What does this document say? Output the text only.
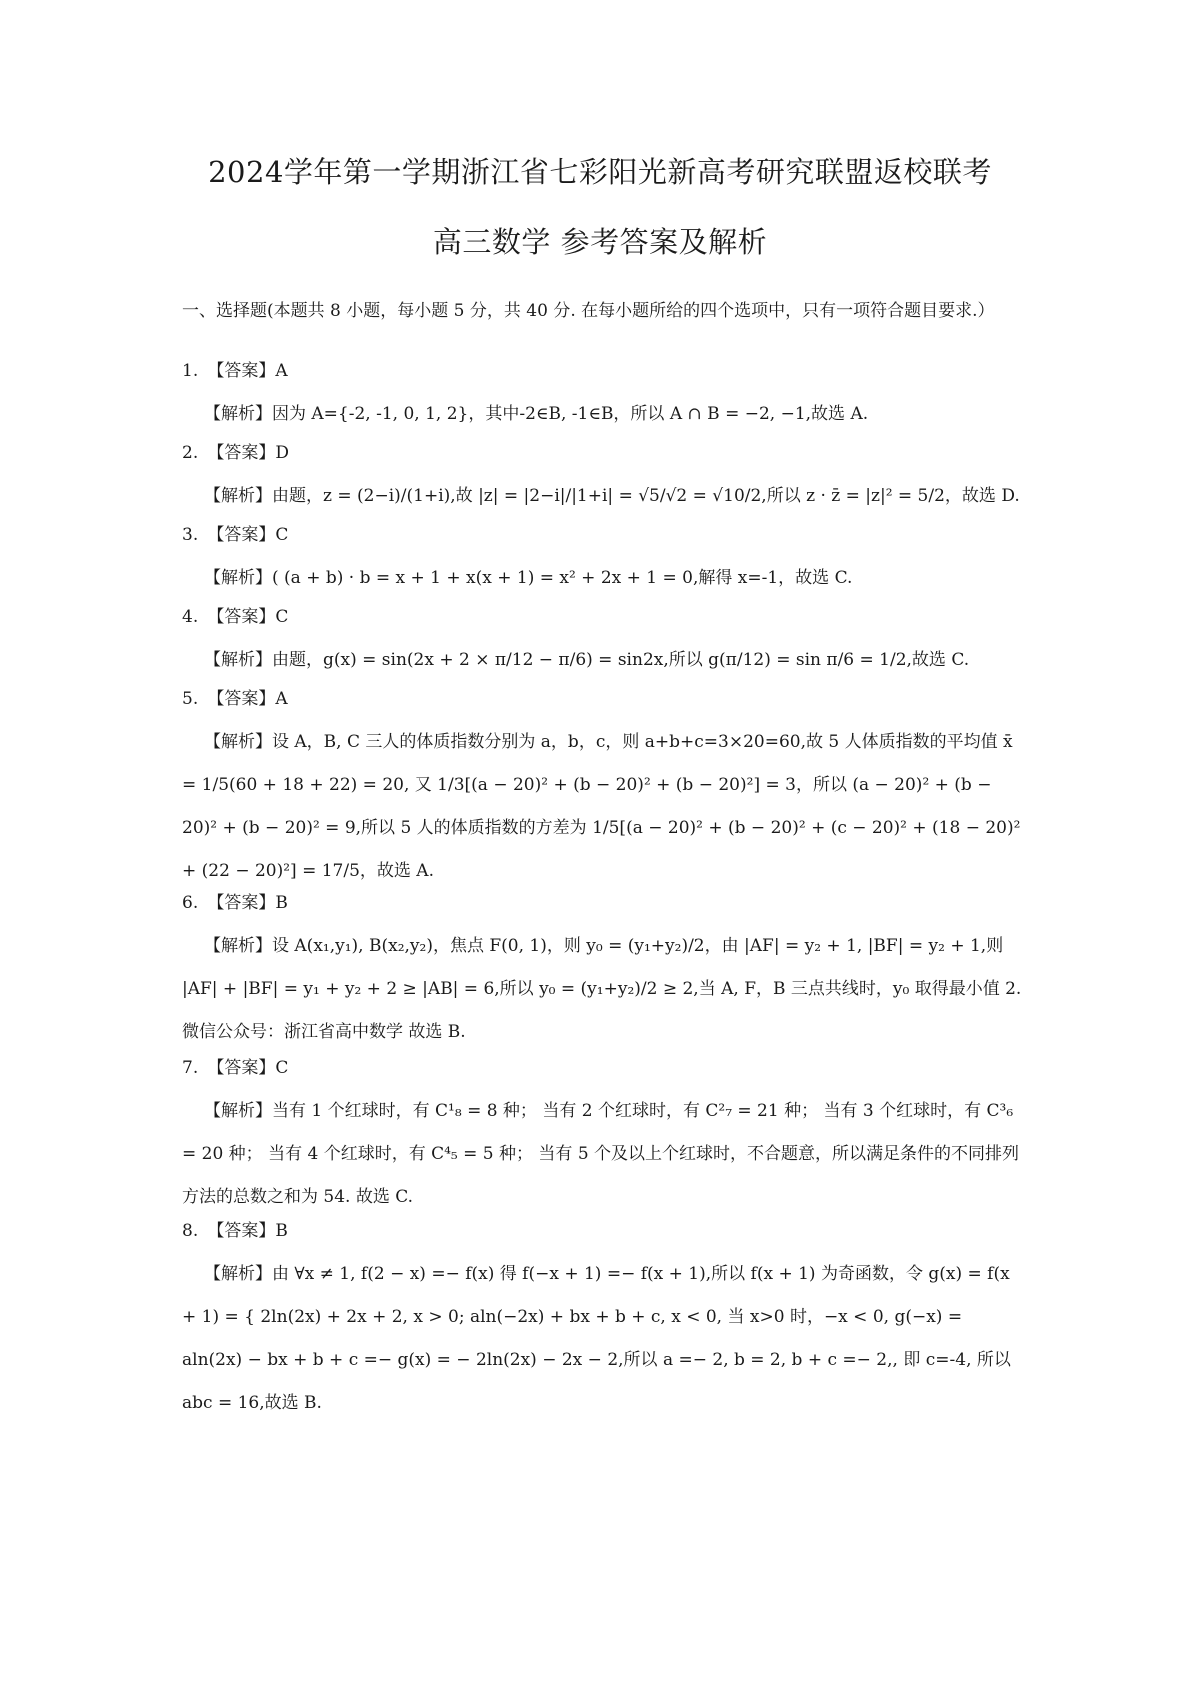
2024学年第一学期浙江省七彩阳光新高考研究联盟返校联考
高三数学 参考答案及解析
一、选择题(本题共 8 小题，每小题 5 分，共 40 分. 在每小题所给的四个选项中，只有一项符合题目要求.）
1. 【答案】A
【解析】因为 A={-2, -1, 0, 1, 2}，其中-2∈B, -1∈B，所以 A ∩ B = −2, −1,故选 A.
2. 【答案】D
【解析】由题，z = (2−i)/(1+i),故 |z| = |2−i|/|1+i| = √5/√2 = √10/2,所以 z · z̄ = |z|² = 5/2，故选 D.
3. 【答案】C
【解析】( (a + b) · b = x + 1 + x(x + 1) = x² + 2x + 1 = 0,解得 x=-1，故选 C.
4. 【答案】C
【解析】由题，g(x) = sin(2x + 2 × π/12 − π/6) = sin2x,所以 g(π/12) = sin π/6 = 1/2,故选 C.
5. 【答案】A
【解析】设 A，B, C 三人的体质指数分别为 a，b，c，则 a+b+c=3×20=60,故 5 人体质指数的平均值 x̄ = 1/5(60 + 18 + 22) = 20, 又 1/3[(a − 20)² + (b − 20)² + (b − 20)²] = 3，所以 (a − 20)² + (b − 20)² + (b − 20)² = 9,所以 5 人的体质指数的方差为 1/5[(a − 20)² + (b − 20)² + (c − 20)² + (18 − 20)² + (22 − 20)²] = 17/5，故选 A.
6. 【答案】B
【解析】设 A(x₁,y₁), B(x₂,y₂)，焦点 F(0, 1)，则 y₀ = (y₁+y₂)/2，由 |AF| = y₂ + 1, |BF| = y₂ + 1,则 |AF| + |BF| = y₁ + y₂ + 2 ≥ |AB| = 6,所以 y₀ = (y₁+y₂)/2 ≥ 2,当 A, F，B 三点共线时，y₀ 取得最小值 2. 微信公众号：浙江省高中数学 故选 B.
7. 【答案】C
【解析】当有 1 个红球时，有 C¹₈ = 8 种； 当有 2 个红球时，有 C²₇ = 21 种； 当有 3 个红球时，有 C³₆ = 20 种； 当有 4 个红球时，有 C⁴₅ = 5 种； 当有 5 个及以上个红球时，不合题意，所以满足条件的不同排列方法的总数之和为 54. 故选 C.
8. 【答案】B
【解析】由 ∀x ≠ 1, f(2 − x) =− f(x) 得 f(−x + 1) =− f(x + 1),所以 f(x + 1) 为奇函数，令 g(x) = f(x + 1) = { 2ln(2x) + 2x + 2, x > 0; aln(−2x) + bx + b + c, x < 0, 当 x>0 时，−x < 0, g(−x) = aln(2x) − bx + b + c =− g(x) = − 2ln(2x) − 2x − 2,所以 a =− 2, b = 2, b + c =− 2,, 即 c=-4, 所以 abc = 16,故选 B.
